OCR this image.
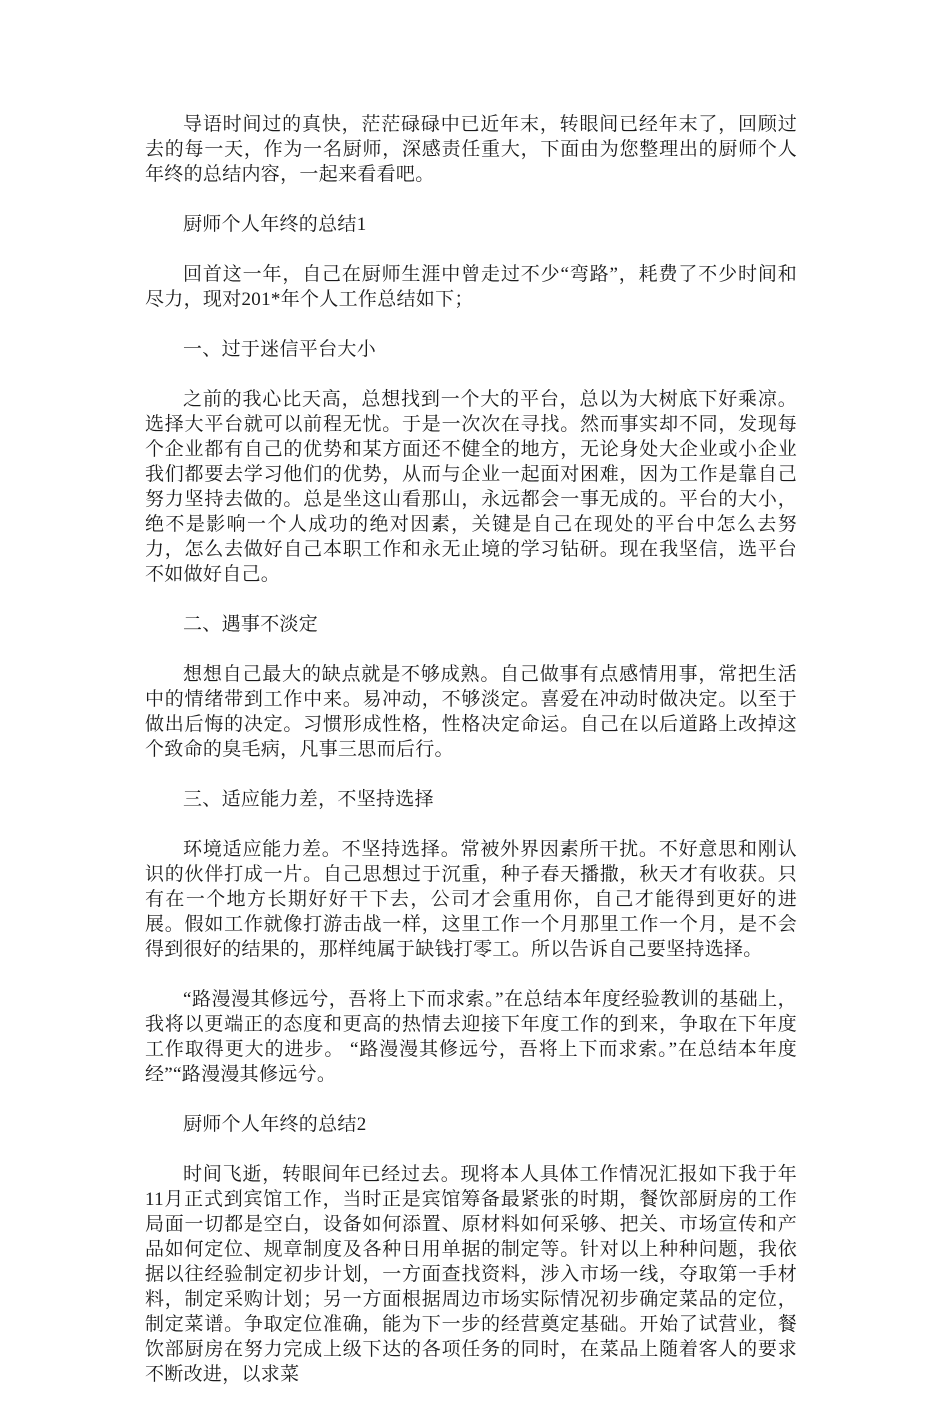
导语时间过的真快，茫茫碌碌中已近年末，转眼间已经年末了，回顾过去的每一天，作为一名厨师，深感责任重大，下面由为您整理出的厨师个人年终的总结内容，一起来看看吧。

厨师个人年终的总结1

回首这一年，自己在厨师生涯中曾走过不少“弯路”，耗费了不少时间和尽力，现对201*年个人工作总结如下；

一、过于迷信平台大小

之前的我心比天高，总想找到一个大的平台，总以为大树底下好乘凉。选择大平台就可以前程无忧。于是一次次在寻找。然而事实却不同，发现每个企业都有自己的优势和某方面还不健全的地方，无论身处大企业或小企业我们都要去学习他们的优势，从而与企业一起面对困难，因为工作是靠自己努力坚持去做的。总是坐这山看那山，永远都会一事无成的。平台的大小，绝不是影响一个人成功的绝对因素，关键是自己在现处的平台中怎么去努力，怎么去做好自己本职工作和永无止境的学习钻研。现在我坚信，选平台不如做好自己。

二、遇事不淡定

想想自己最大的缺点就是不够成熟。自己做事有点感情用事，常把生活中的情绪带到工作中来。易冲动，不够淡定。喜爱在冲动时做决定。以至于做出后悔的决定。习惯形成性格，性格决定命运。自己在以后道路上改掉这个致命的臭毛病，凡事三思而后行。

三、适应能力差，不坚持选择

环境适应能力差。不坚持选择。常被外界因素所干扰。不好意思和刚认识的伙伴打成一片。自己思想过于沉重，种子春天播撒，秋天才有收获。只有在一个地方长期好好干下去，公司才会重用你，自己才能得到更好的进展。假如工作就像打游击战一样，这里工作一个月那里工作一个月，是不会得到很好的结果的，那样纯属于缺钱打零工。所以告诉自己要坚持选择。

“路漫漫其修远兮，吾将上下而求索。”在总结本年度经验教训的基础上，我将以更端正的态度和更高的热情去迎接下年度工作的到来，争取在下年度工作取得更大的进步。 “路漫漫其修远兮，吾将上下而求索。”在总结本年度经”“路漫漫其修远兮。

厨师个人年终的总结2

时间飞逝，转眼间年已经过去。现将本人具体工作情况汇报如下我于年11月正式到宾馆工作，当时正是宾馆筹备最紧张的时期，餐饮部厨房的工作局面一切都是空白，设备如何添置、原材料如何采够、把关、市场宣传和产品如何定位、规章制度及各种日用单据的制定等。针对以上种种问题，我依据以往经验制定初步计划，一方面查找资料，涉入市场一线，夺取第一手材料，制定采购计划；另一方面根据周边市场实际情况初步确定菜品的定位，制定菜谱。争取定位准确，能为下一步的经营奠定基础。开始了试营业，餐饮部厨房在努力完成上级下达的各项任务的同时，在菜品上随着客人的要求不断改进，以求菜
